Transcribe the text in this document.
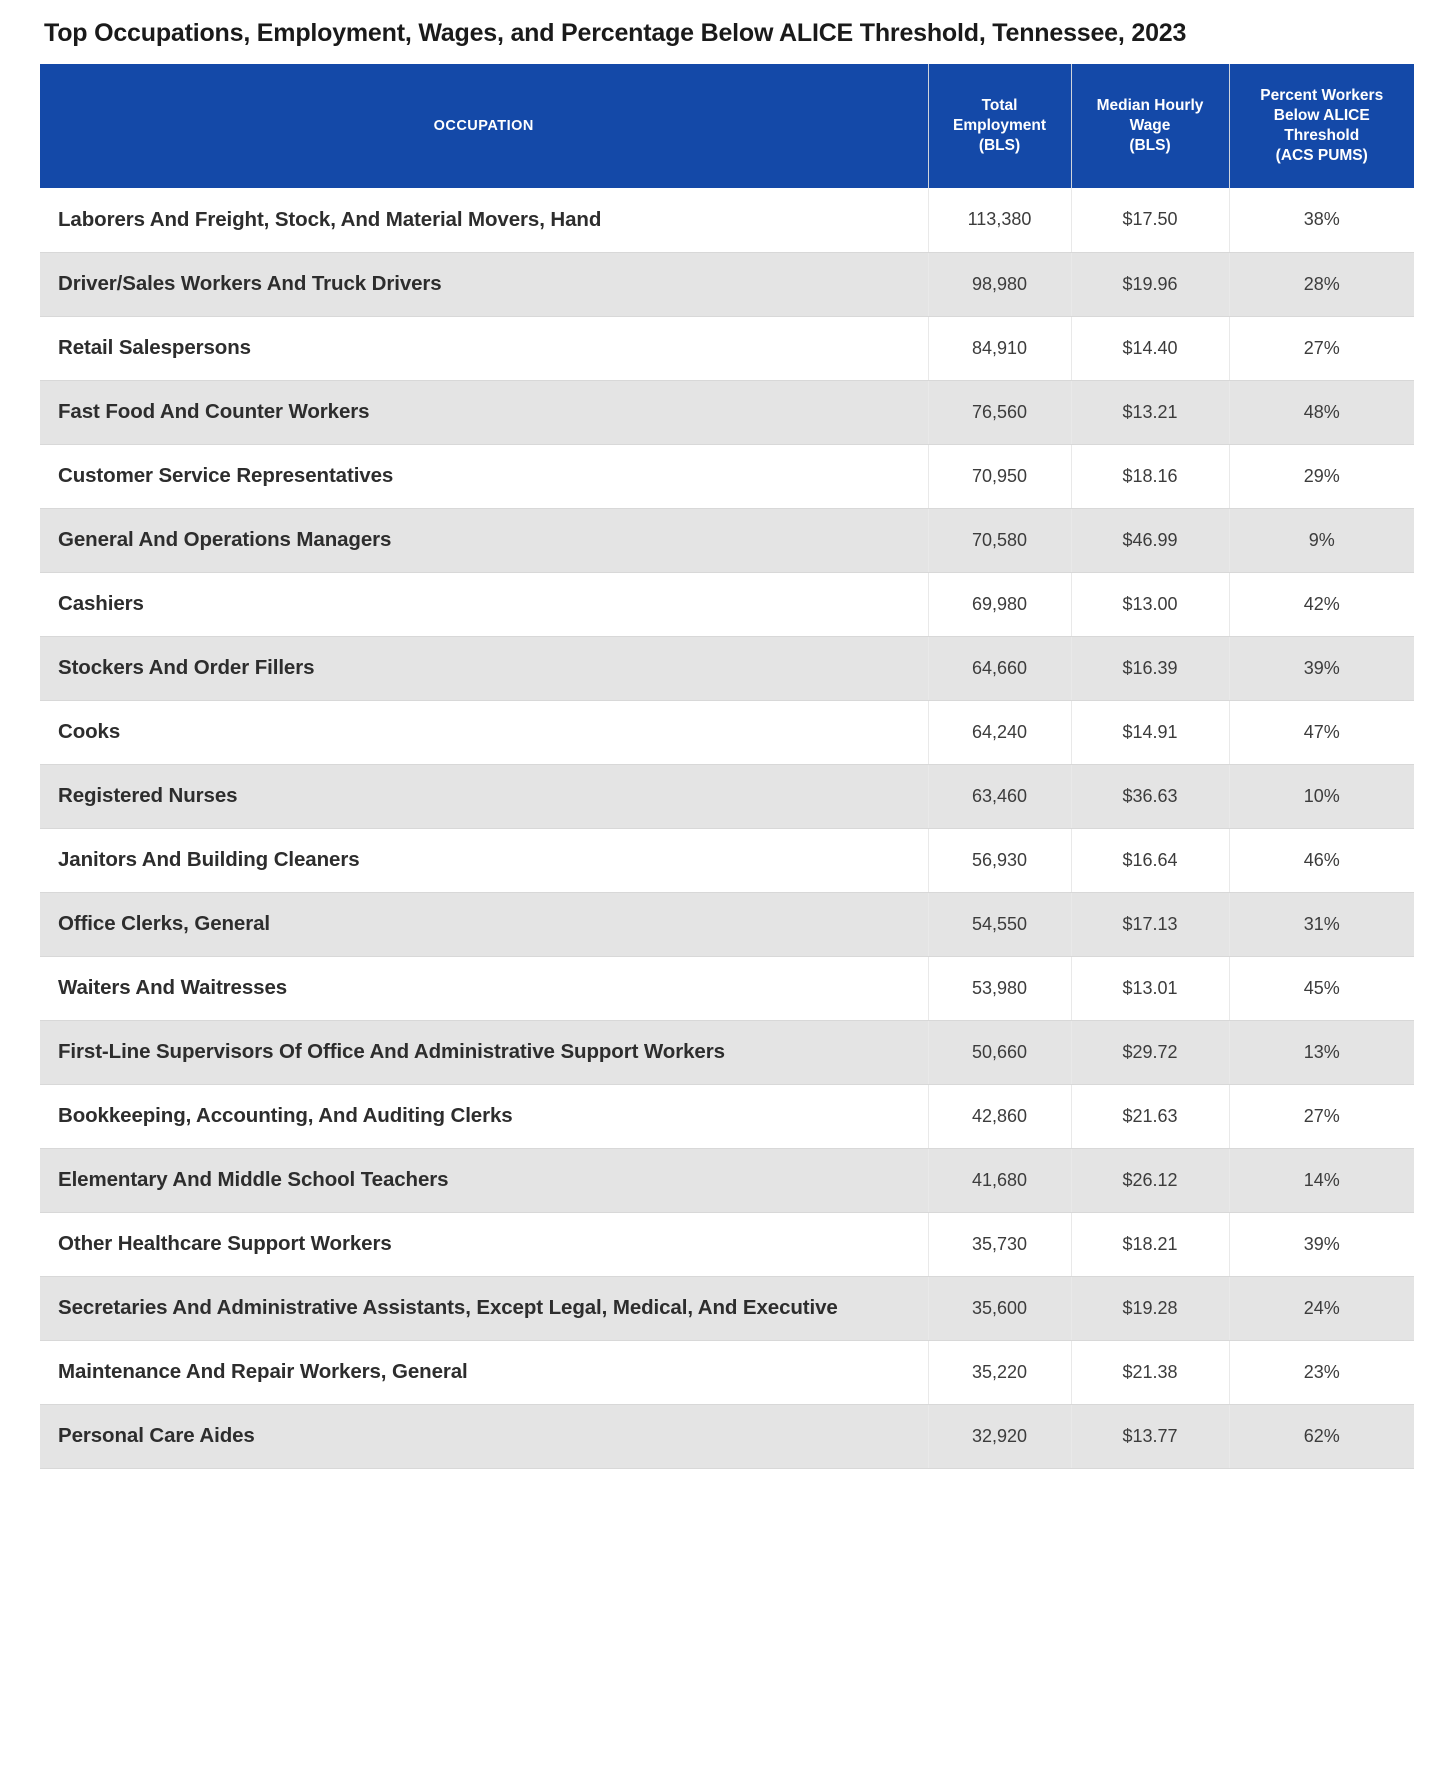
Top Occupations, Employment, Wages, and Percentage Below ALICE Threshold, Tennessee, 2023
OCCUPATION	Total
Employment
(BLS)	Median Hourly
Wage
(BLS)	Percent Workers
Below ALICE
Threshold
(ACS PUMS)

Laborers And Freight, Stock, And Material Movers, Hand	113,380	$17.50	38%
Driver/Sales Workers And Truck Drivers	98,980	$19.96	28%
Retail Salespersons	84,910	$14.40	27%
Fast Food And Counter Workers	76,560	$13.21	48%
Customer Service Representatives	70,950	$18.16	29%
General And Operations Managers	70,580	$46.99	9%
Cashiers	69,980	$13.00	42%
Stockers And Order Fillers	64,660	$16.39	39%
Cooks	64,240	$14.91	47%
Registered Nurses	63,460	$36.63	10%
Janitors And Building Cleaners	56,930	$16.64	46%
Office Clerks, General	54,550	$17.13	31%
Waiters And Waitresses	53,980	$13.01	45%
First-Line Supervisors Of Office And Administrative Support Workers	50,660	$29.72	13%
Bookkeeping, Accounting, And Auditing Clerks	42,860	$21.63	27%
Elementary And Middle School Teachers	41,680	$26.12	14%
Other Healthcare Support Workers	35,730	$18.21	39%
Secretaries And Administrative Assistants, Except Legal, Medical, And Executive	35,600	$19.28	24%
Maintenance And Repair Workers, General	35,220	$21.38	23%
Personal Care Aides	32,920	$13.77	62%
